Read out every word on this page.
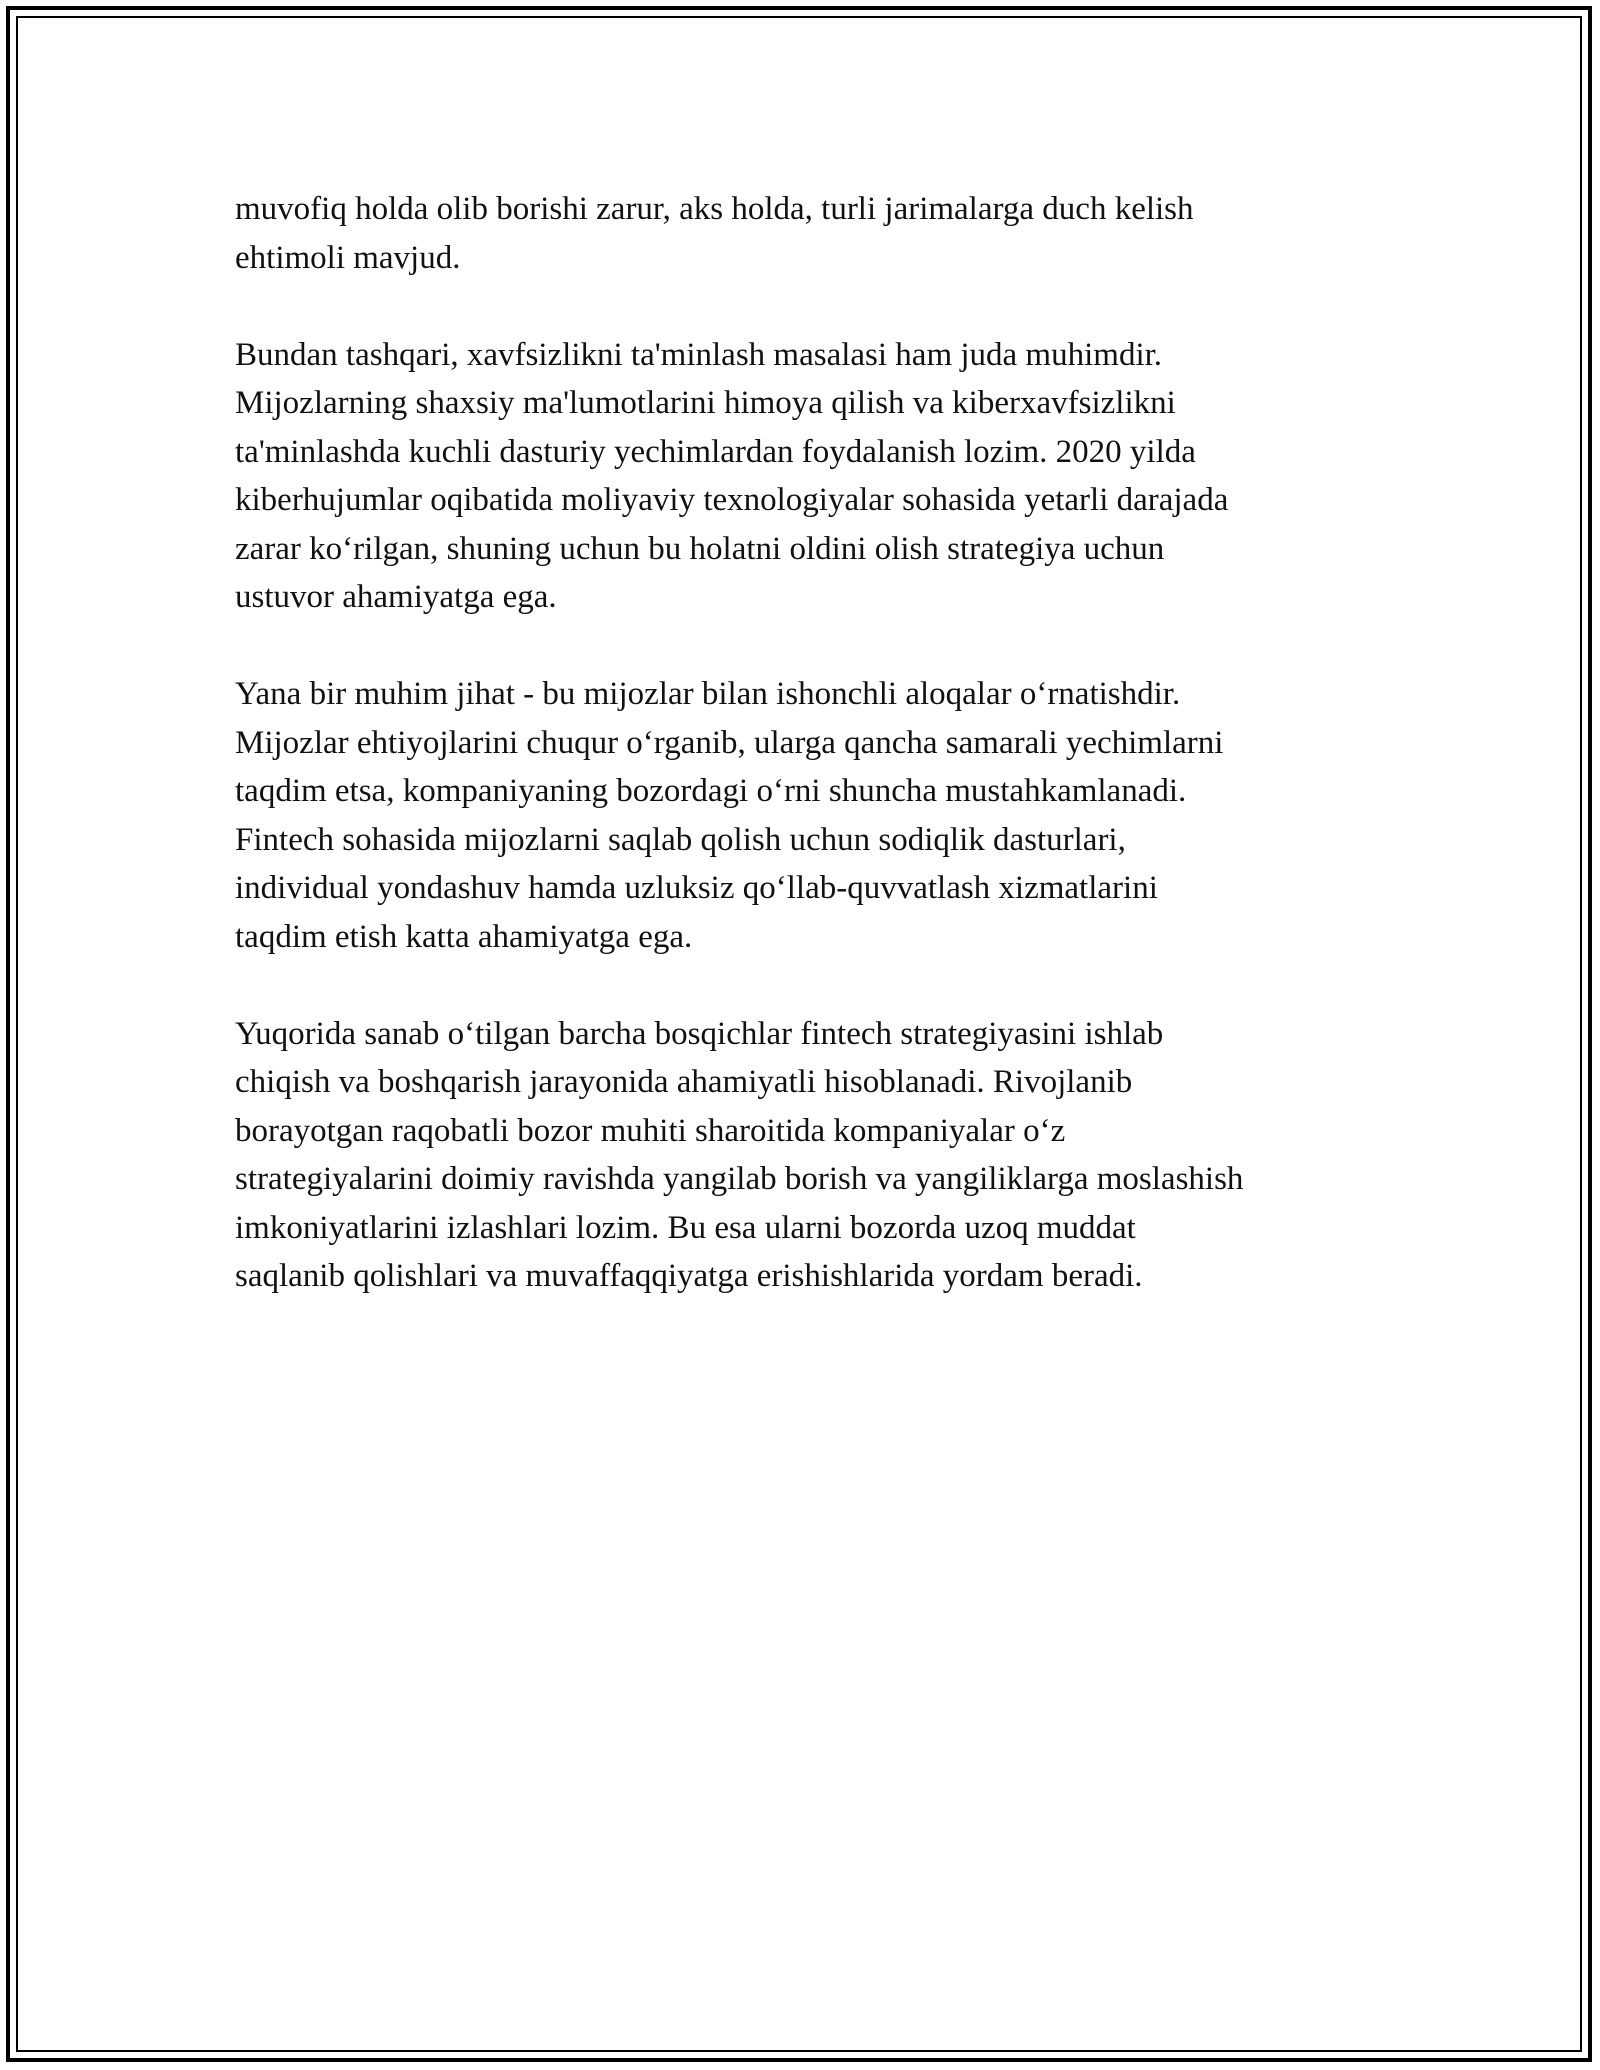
muvofiq holda olib borishi zarur, aks holda, turli jarimalarga duch kelish
ehtimoli mavjud.

Bundan tashqari, xavfsizlikni ta'minlash masalasi ham juda muhimdir.
Mijozlarning shaxsiy ma'lumotlarini himoya qilish va kiberxavfsizlikni
ta'minlashda kuchli dasturiy yechimlardan foydalanish lozim. 2020 yilda
kiberhujumlar oqibatida moliyaviy texnologiyalar sohasida yetarli darajada
zarar ko‘rilgan, shuning uchun bu holatni oldini olish strategiya uchun
ustuvor ahamiyatga ega.

Yana bir muhim jihat - bu mijozlar bilan ishonchli aloqalar o‘rnatishdir.
Mijozlar ehtiyojlarini chuqur o‘rganib, ularga qancha samarali yechimlarni
taqdim etsa, kompaniyaning bozordagi o‘rni shuncha mustahkamlanadi.
Fintech sohasida mijozlarni saqlab qolish uchun sodiqlik dasturlari,
individual yondashuv hamda uzluksiz qo‘llab-quvvatlash xizmatlarini
taqdim etish katta ahamiyatga ega.

Yuqorida sanab o‘tilgan barcha bosqichlar fintech strategiyasini ishlab
chiqish va boshqarish jarayonida ahamiyatli hisoblanadi. Rivojlanib
borayotgan raqobatli bozor muhiti sharoitida kompaniyalar o‘z
strategiyalarini doimiy ravishda yangilab borish va yangiliklarga moslashish
imkoniyatlarini izlashlari lozim. Bu esa ularni bozorda uzoq muddat
saqlanib qolishlari va muvaffaqqiyatga erishishlarida yordam beradi.
